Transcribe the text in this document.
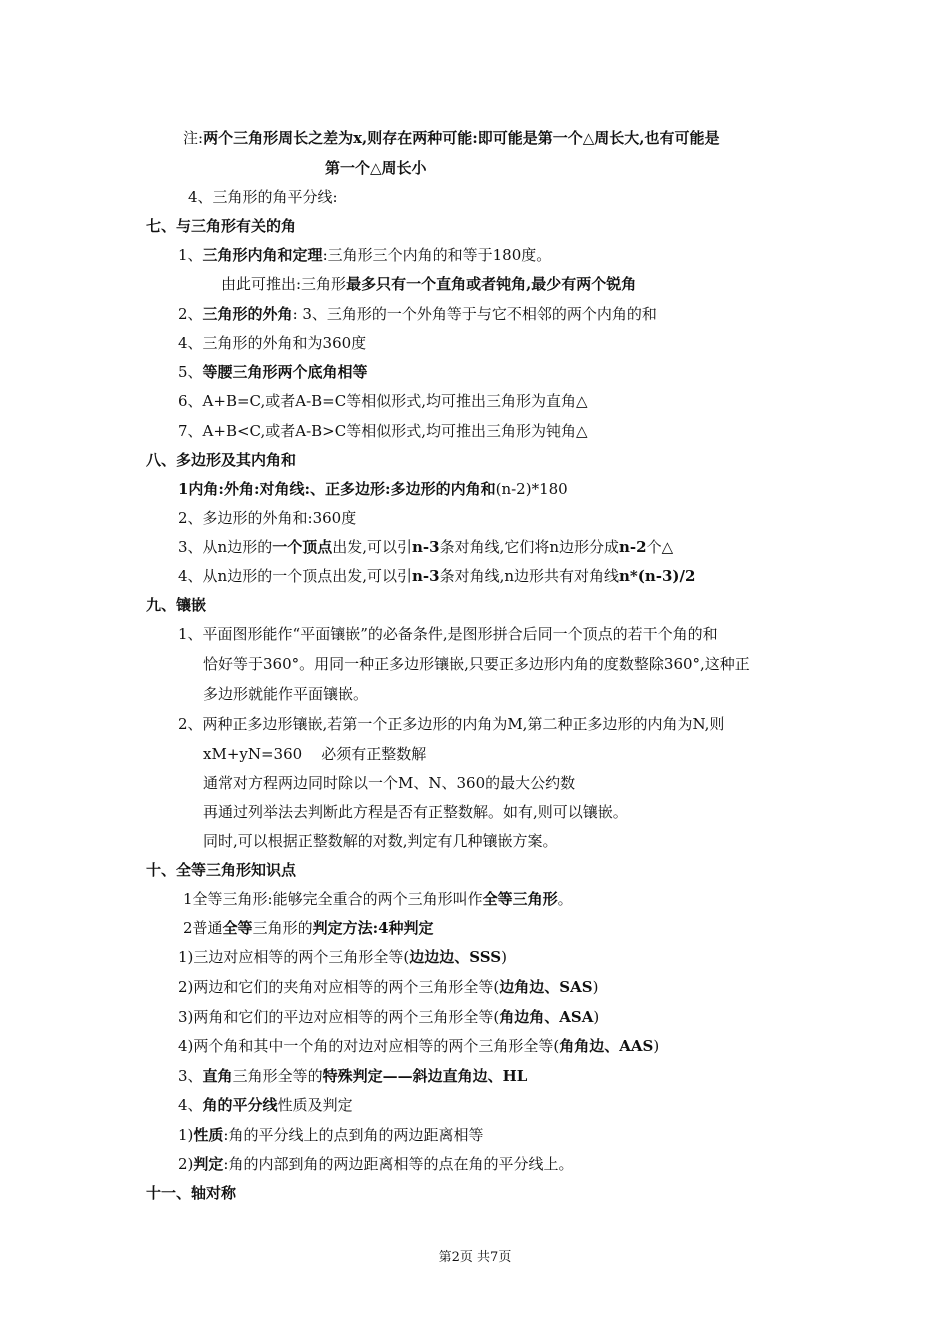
注:两个三角形周长之差为x,则存在两种可能:即可能是第一个△周长大,也有可能是
第一个△周长小
4、三角形的角平分线:
七、与三角形有关的角
1、三角形内角和定理:三角形三个内角的和等于180度。
由此可推出:三角形最多只有一个直角或者钝角,最少有两个锐角
2、三角形的外角: 3、三角形的一个外角等于与它不相邻的两个内角的和
4、三角形的外角和为360度
5、等腰三角形两个底角相等
6、A+B=C,或者A-B=C等相似形式,均可推出三角形为直角△
7、A+B<C,或者A-B>C等相似形式,均可推出三角形为钝角△
八、多边形及其内角和
1内角:外角:对角线:、正多边形:多边形的内角和(n-2)*180
2、多边形的外角和:360度
3、从n边形的一个顶点出发,可以引n-3条对角线,它们将n边形分成n-2个△
4、从n边形的一个顶点出发,可以引n-3条对角线,n边形共有对角线n*(n-3)/2
九、镶嵌
1、平面图形能作“平面镶嵌”的必备条件,是图形拼合后同一个顶点的若干个角的和
恰好等于360°。用同一种正多边形镶嵌,只要正多边形内角的度数整除360°,这种正
多边形就能作平面镶嵌。
2、两种正多边形镶嵌,若第一个正多边形的内角为M,第二种正多边形的内角为N,则
xM+yN=360    必须有正整数解
通常对方程两边同时除以一个M、N、360的最大公约数
再通过列举法去判断此方程是否有正整数解。如有,则可以镶嵌。
同时,可以根据正整数解的对数,判定有几种镶嵌方案。
十、全等三角形知识点
1全等三角形:能够完全重合的两个三角形叫作全等三角形。
2普通全等三角形的判定方法:4种判定
1)三边对应相等的两个三角形全等(边边边、SSS)
2)两边和它们的夹角对应相等的两个三角形全等(边角边、SAS)
3)两角和它们的平边对应相等的两个三角形全等(角边角、ASA)
4)两个角和其中一个角的对边对应相等的两个三角形全等(角角边、AAS)
3、直角三角形全等的特殊判定——斜边直角边、HL
4、角的平分线性质及判定
1)性质:角的平分线上的点到角的两边距离相等
2)判定:角的内部到角的两边距离相等的点在角的平分线上。
十一、轴对称
第2页 共7页
